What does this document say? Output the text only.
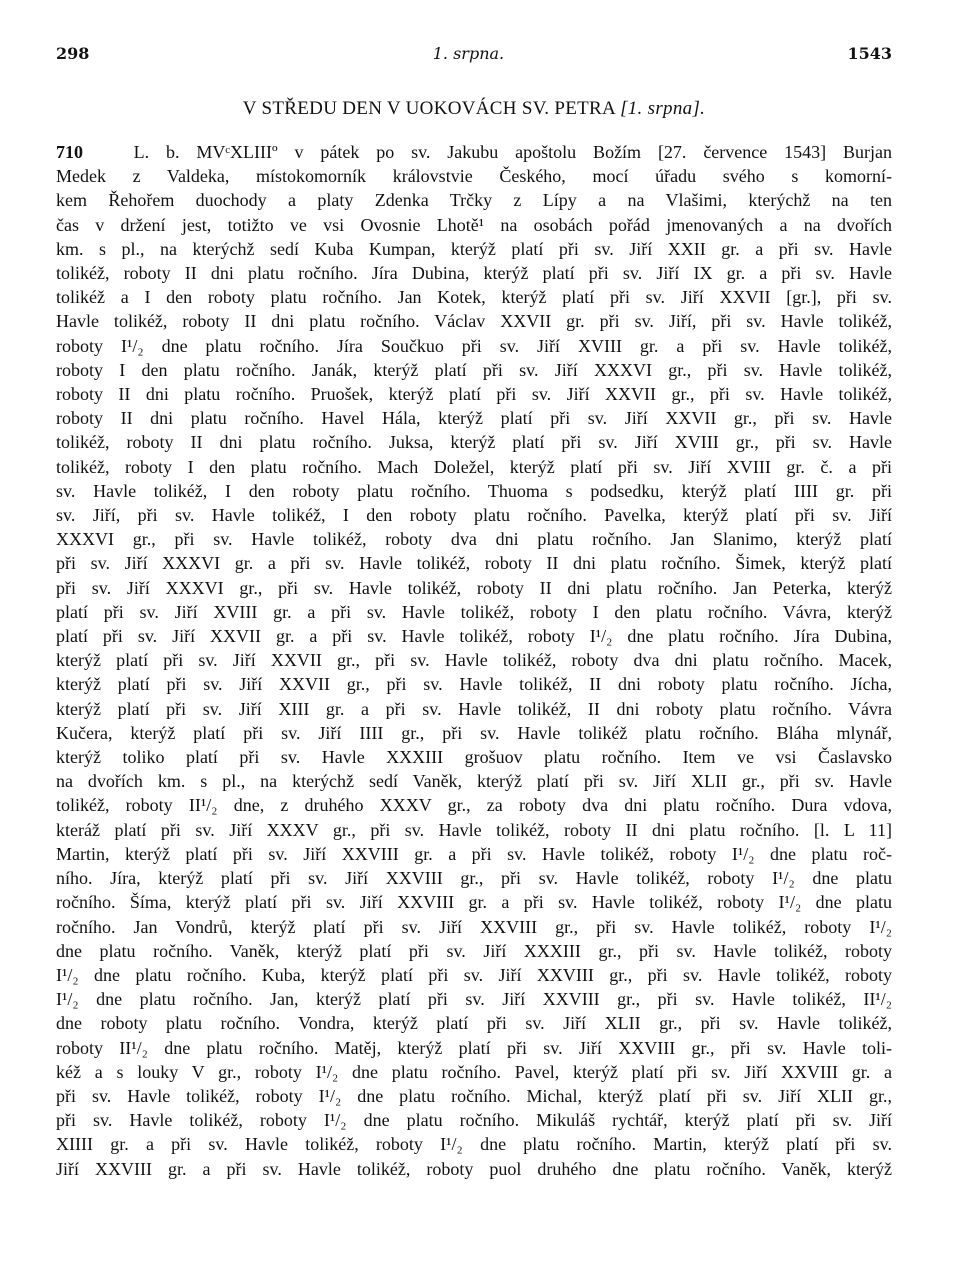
298	1. srpna.	1543
V STŘEDU DEN V UOKOVÁCH SV. PETRA [1. srpna].
710	L. b. MVᶜXLIIIº v pátek po sv. Jakubu apoštolu Božím [27. července 1543] Burjan
Medek z Valdeka, místokomorník královstvie Českého, mocí úřadu svého s komorní-
kem Řehořem duochody a platy Zdenka Trčky z Lípy a na Vlašimi, kterýchž na ten
čas v držení jest, totižto ve vsi Ovosnie Lhotě¹ na osobách pořád jmenovaných a na dvořích
km. s pl., na kterýchž sedí Kuba Kumpan, kterýž platí při sv. Jiří XXII gr. a při sv. Havle
tolikéž, roboty II dni platu ročního. Jíra Dubina, kterýž platí při sv. Jiří IX gr. a při sv. Havle
tolikéž a I den roboty platu ročního. Jan Kotek, kterýž platí při sv. Jiří XXVII [gr.], při sv.
Havle tolikéž, roboty II dni platu ročního. Václav XXVII gr. při sv. Jiří, při sv. Havle tolikéž,
roboty I¹/₂ dne platu ročního. Jíra Součkuo při sv. Jiří XVIII gr. a při sv. Havle tolikéž,
roboty I den platu ročního. Janák, kterýž platí při sv. Jiří XXXVI gr., při sv. Havle tolikéž,
roboty II dni platu ročního. Pruošek, kterýž platí při sv. Jiří XXVII gr., při sv. Havle tolikéž,
roboty II dni platu ročního. Havel Hála, kterýž platí při sv. Jiří XXVII gr., při sv. Havle
tolikéž, roboty II dni platu ročního. Juksa, kterýž platí při sv. Jiří XVIII gr., při sv. Havle
tolikéž, roboty I den platu ročního. Mach Doležel, kterýž platí při sv. Jiří XVIII gr. č. a při
sv. Havle tolikéž, I den roboty platu ročního. Thuoma s podsedku, kterýž platí IIII gr. při
sv. Jiří, při sv. Havle tolikéž, I den roboty platu ročního. Pavelka, kterýž platí při sv. Jiří
XXXVI gr., při sv. Havle tolikéž, roboty dva dni platu ročního. Jan Slanimo, kterýž platí
při sv. Jiří XXXVI gr. a při sv. Havle tolikéž, roboty II dni platu ročního. Šimek, kterýž platí
při sv. Jiří XXXVI gr., při sv. Havle tolikéž, roboty II dni platu ročního. Jan Peterka, kterýž
platí při sv. Jiří XVIII gr. a při sv. Havle tolikéž, roboty I den platu ročního. Vávra, kterýž
platí při sv. Jiří XXVII gr. a při sv. Havle tolikéž, roboty I¹/₂ dne platu ročního. Jíra Dubina,
kterýž platí při sv. Jiří XXVII gr., při sv. Havle tolikéž, roboty dva dni platu ročního. Macek,
kterýž platí při sv. Jiří XXVII gr., při sv. Havle tolikéž, II dni roboty platu ročního. Jícha,
kterýž platí při sv. Jiří XIII gr. a při sv. Havle tolikéž, II dni roboty platu ročního. Vávra
Kučera, kterýž platí při sv. Jiří IIII gr., při sv. Havle tolikéž platu ročního. Bláha mlynář,
kterýž toliko platí při sv. Havle XXXIII grošuov platu ročního. Item ve vsi Časlavsko
na dvořích km. s pl., na kterýchž sedí Vaněk, kterýž platí při sv. Jiří XLII gr., při sv. Havle
tolikéž, roboty II¹/₂ dne, z druhého XXXV gr., za roboty dva dni platu ročního. Dura vdova,
kteráž platí při sv. Jiří XXXV gr., při sv. Havle tolikéž, roboty II dni platu ročního. [l. L 11]
Martin, kterýž platí při sv. Jiří XXVIII gr. a při sv. Havle tolikéž, roboty I¹/₂ dne platu roč-
ního. Jíra, kterýž platí při sv. Jiří XXVIII gr., při sv. Havle tolikéž, roboty I¹/₂ dne platu
ročního. Šíma, kterýž platí při sv. Jiří XXVIII gr. a při sv. Havle tolikéž, roboty I¹/₂ dne platu
ročního. Jan Vondrů, kterýž platí při sv. Jiří XXVIII gr., při sv. Havle tolikéž, roboty I¹/₂
dne platu ročního. Vaněk, kterýž platí při sv. Jiří XXXIII gr., při sv. Havle tolikéž, roboty
I¹/₂ dne platu ročního. Kuba, kterýž platí při sv. Jiří XXVIII gr., při sv. Havle tolikéž, roboty
I¹/₂ dne platu ročního. Jan, kterýž platí při sv. Jiří XXVIII gr., při sv. Havle tolikéž, II¹/₂
dne roboty platu ročního. Vondra, kterýž platí při sv. Jiří XLII gr., při sv. Havle tolikéž,
roboty II¹/₂ dne platu ročního. Matěj, kterýž platí při sv. Jiří XXVIII gr., při sv. Havle toli-
kéž a s louky V gr., roboty I¹/₂ dne platu ročního. Pavel, kterýž platí při sv. Jiří XXVIII gr. a
při sv. Havle tolikéž, roboty I¹/₂ dne platu ročního. Michal, kterýž platí při sv. Jiří XLII gr.,
při sv. Havle tolikéž, roboty I¹/₂ dne platu ročního. Mikuláš rychtář, kterýž platí při sv. Jiří
XIIII gr. a při sv. Havle tolikéž, roboty I¹/₂ dne platu ročního. Martin, kterýž platí při sv.
Jiří XXVIII gr. a při sv. Havle tolikéž, roboty puol druhého dne platu ročního. Vaněk, kterýž
